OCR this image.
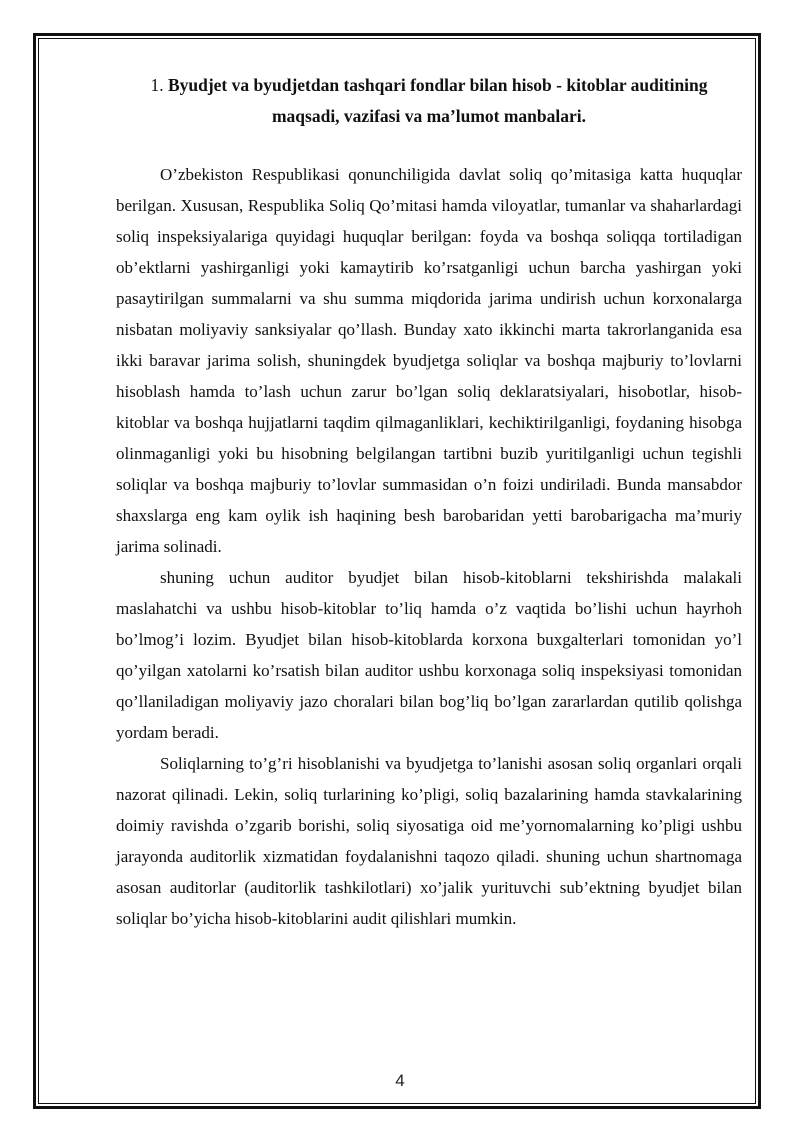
1. Byudjet va byudjetdan tashqari fondlar bilan hisob - kitoblar auditining maqsadi, vazifasi va ma’lumot manbalari.

O’zbekiston Respublikasi qonunchiligida davlat soliq qo’mitasiga katta huquqlar berilgan. Xususan, Respublika Soliq Qo’mitasi hamda viloyatlar, tumanlar va shaharlardagi soliq inspeksiyalariga quyidagi huquqlar berilgan: foyda va boshqa soliqqa tortiladigan ob’ektlarni yashirganligi yoki kamaytirib ko’rsatganligi uchun barcha yashirgan yoki pasaytirilgan summalarni va shu summa miqdorida jarima undirish uchun korxonalarga nisbatan moliyaviy sanksiyalar qo’llash. Bunday xato ikkinchi marta takrorlanganida esa ikki baravar jarima solish, shuningdek byudjetga soliqlar va boshqa majburiy to’lovlarni hisoblash hamda to’lash uchun zarur bo’lgan soliq deklaratsiyalari, hisobotlar, hisob-kitoblar va boshqa hujjatlarni taqdim qilmaganliklari, kechiktirilganligi, foydaning hisobga olinmaganligi yoki bu hisobning belgilangan tartibni buzib yuritilganligi uchun tegishli soliqlar va boshqa majburiy to’lovlar summasidan o’n foizi undiriladi. Bunda mansabdor shaxslarga eng kam oylik ish haqining besh barobaridan yetti barobarigacha ma’muriy jarima solinadi.

shuning uchun auditor byudjet bilan hisob-kitoblarni tekshirishda malakali maslahatchi va ushbu hisob-kitoblar to’liq hamda o’z vaqtida bo’lishi uchun hayrhoh bo’lmog’i lozim. Byudjet bilan hisob-kitoblarda korxona buxgalterlari tomonidan yo’l qo’yilgan xatolarni ko’rsatish bilan auditor ushbu korxonaga soliq inspeksiyasi tomonidan qo’llaniladigan moliyaviy jazo choralari bilan bog’liq bo’lgan zararlardan qutilib qolishga yordam beradi.

Soliqlarning to’g’ri hisoblanishi va byudjetga to’lanishi asosan soliq organlari orqali nazorat qilinadi. Lekin, soliq turlarining ko’pligi, soliq bazalarining hamda stavkalarining doimiy ravishda o’zgarib borishi, soliq siyosatiga oid me’yornomalarning ko’pligi ushbu jarayonda auditorlik xizmatidan foydalanishni taqozo qiladi. shuning uchun shartnomaga asosan auditorlar (auditorlik tashkilotlari) xo’jalik yurituvchi sub’ektning byudjet bilan soliqlar bo’yicha hisob-kitoblarini audit qilishlari mumkin.

4
